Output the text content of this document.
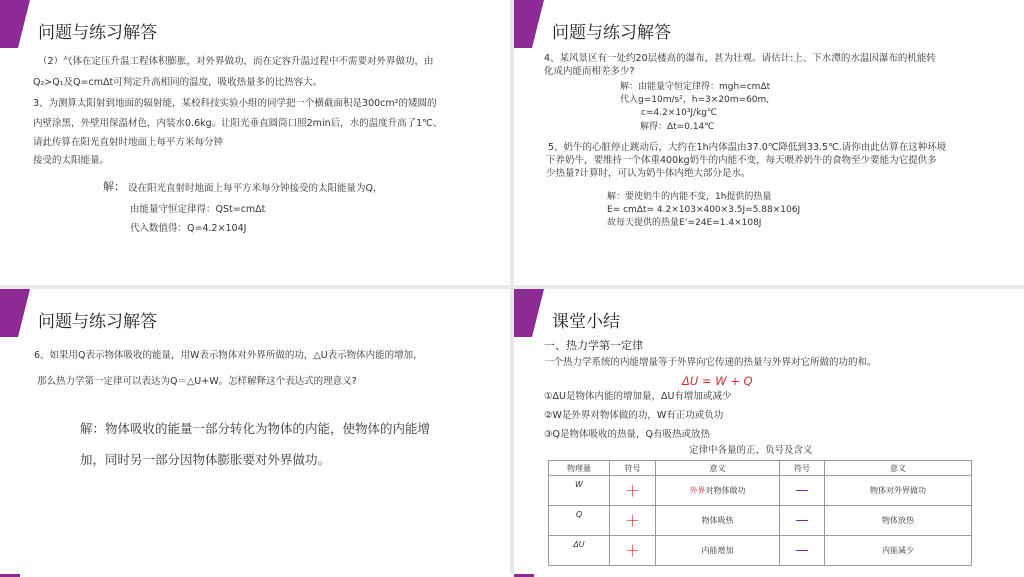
问题与练习解答
（2）气体在定压升温工程体积膨胀，对外界做功，而在定容升温过程中不需要对外界做功，由
Q₂>Q₁及Q=cmΔt可判定升高相同的温度，吸收热量多的比热容大。
3、为测算太阳射到地面的辐射能，某校科技实验小组的同学把一个横截面积是300cm²的矮圆的
内壁涂黑，外壁用保温材色，内装水0.6kg。让阳光垂直圆筒口照2min后，水的温度升高了1℃、
请此传算在阳光直射时地面上每平方米每分钟
接受的太阳能量。
解： 设在阳光直射时地面上每平方米每分钟接受的太阳能量为Q，
由能量守恒定律得：QSt=cmΔt
代入数值得：Q=4.2×104J
问题与练习解答
4、某风景区有一处约20层楼高的瀑布，甚为壮观。请估计:上、下水潭的水温因瀑布的机能转
化成内能而相差多少?
解：由能量守恒定律得：mgh=cmΔt
代入g=10m/s²，h=3×20m=60m,
c=4.2×10³J/kg℃
解得：Δt=0.14℃
5、奶牛的心脏停止跳动后，大约在1h内体温由37.0℃降低到33.5℃.请你由此估算在这种环境
下养奶牛，要维持一个体重400kg奶牛的内能不变，每天喂养奶牛的食物至少要能为它提供多
少热量?计算时，可认为奶牛体内绝大部分是水。
解：要使奶牛的内能不变，1h提供的热量
E= cmΔt= 4.2×103×400×3.5J=5.88×106J
故每天提供的热量E’=24E=1.4×108J
问题与练习解答
6、如果用Q表示物体吸收的能量，用W表示物体对外界所做的功，△U表示物体内能的增加，
那么热力学第一定律可以表达为Q＝△U+W。怎样解释这个表达式的理意义?
解：物体吸收的能量一部分转化为物体的内能，使物体的内能增
加，同时另一部分因物体膨胀要对外界做功。
课堂小结
一、热力学第一定律
一个热力学系统的内能增量等于外界向它传递的热量与外界对它所做的功的和。
ΔU = W + Q
①ΔU是物体内能的增加量，ΔU有增加或减少
②W是外界对物体做的功，W有正功或负功
③Q是物体吸收的热量，Q有吸热或放热
定律中各量的正、负号及含义
物理量	符号	意义	符号	意义
W	＋	外界对物体做功	—	物体对外界做功
Q	＋	物体吸热	—	物体放热
ΔU	＋	内能增加	—	内能减少
